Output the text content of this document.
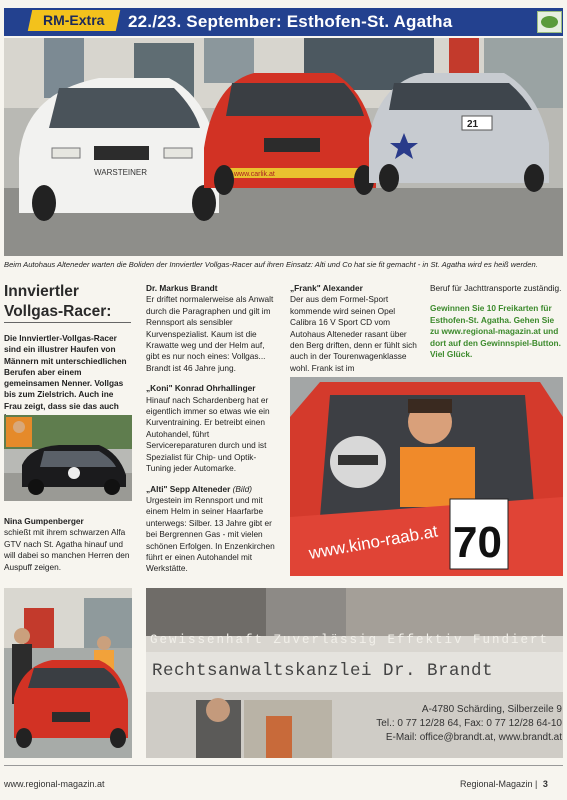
RM-Extra	22./23. September: Esthofen-St. Agatha
WARSTEINER	www.carlik.at
21
Beim Autohaus Alteneder warten die Boliden der Innviertler Vollgas-Racer auf ihren Einsatz: Alti und Co hat sie fit gemacht - in St. Agatha wird es heiß werden.
Innviertler
Vollgas-Racer:
Die Innviertler-Vollgas-Racer sind ein illustrer Haufen von Männern mit unterschiedlichen Berufen aber einem gemeinsamen Nenner. Vollgas bis zum Zielstrich. Auch ine Frau zeigt, dass sie das auch
Nina Gumpenberger
schießt mit ihrem schwarzen Alfa GTV nach St. Agatha hinauf und will dabei so manchen Herren den Auspuff zeigen.
Dr. Markus Brandt
Er driftet normalerweise als Anwalt durch die Paragraphen und gilt im Rennsport als sensibler Kurvenspezialist. Kaum ist die Krawatte weg und der Helm auf, gibt es nur noch eines: Vollgas... Brandt ist 46 Jahre jung.
„Koni" Konrad Ohrhallinger
Hinauf nach Schardenberg hat er eigentlich immer so etwas wie ein Kurventraining. Er betreibt einen Autohandel, führt Servicereparaturen durch und ist Spezialist für Chip- und Optik-Tuning jeder Automarke.
„Alti" Sepp Alteneder (Bild)
Urgestein im Rennsport und mit einem Helm in seiner Haarfarbe unterwegs: Silber. 13 Jahre gibt er bei Bergrennen Gas - mit vielen schönen Erfolgen. In Enzenkirchen führt er einen Autohandel mit Werkstätte.
„Frank" Alexander
Der aus dem Formel-Sport kommende wird seinen Opel Calibra 16 V Sport CD vom Autohaus Alteneder rasant über den Berg driften, denn er fühlt sich auch in der Tourenwagenklasse wohl. Frank ist im
Beruf für Jachttransporte zuständig.
Gewinnen Sie 10 Freikarten für Esthofen-St. Agatha. Gehen Sie zu www.regional-magazin.at und dort auf den Gewinnspiel-Button. Viel Glück.
70
www.kino-raab.at
Gewissenhaft Zuverlässig Effektiv Fundiert
Rechtsanwaltskanzlei Dr. Brandt
A-4780 Schärding, Silberzeile 9
Tel.: 0 77 12/28 64, Fax: 0 77 12/28 64-10
E-Mail: office@brandt.at, www.brandt.at
www.regional-magazin.at	Regional-Magazin | 3
